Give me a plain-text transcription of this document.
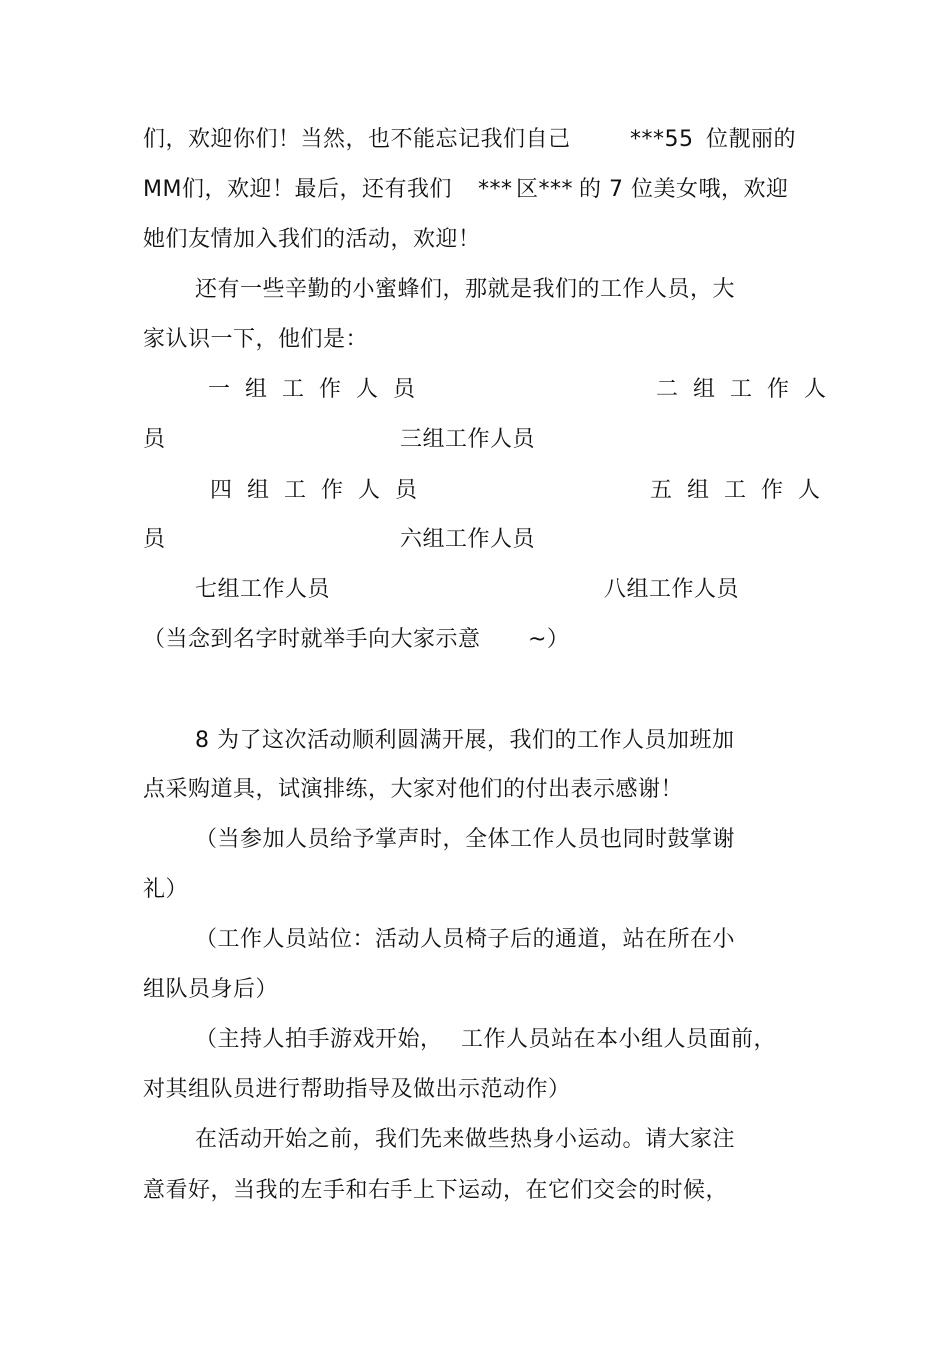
们，欢迎你们！当然，也不能忘记我们自己	***55 位靓丽的
MM们，欢迎！最后，还有我们 *** 区*** 的 7 位美女哦，欢迎
她们友情加入我们的活动，欢迎！
还有一些辛勤的小蜜蜂们，那就是我们的工作人员，大
家认识一下，他们是：
一 组 工 作 人 员	二 组 工 作 人
员	三组工作人员
四 组 工 作 人 员	五 组 工 作 人
员	六组工作人员
七组工作人员	八组工作人员
（当念到名字时就举手向大家示意 ~）
8 为了这次活动顺利圆满开展，我们的工作人员加班加
点采购道具，试演排练，大家对他们的付出表示感谢！
（当参加人员给予掌声时，全体工作人员也同时鼓掌谢
礼）
（工作人员站位：活动人员椅子后的通道，站在所在小
组队员身后）
（主持人拍手游戏开始， 工作人员站在本小组人员面前，
对其组队员进行帮助指导及做出示范动作）
在活动开始之前，我们先来做些热身小运动。请大家注
意看好，当我的左手和右手上下运动，在它们交会的时候，
